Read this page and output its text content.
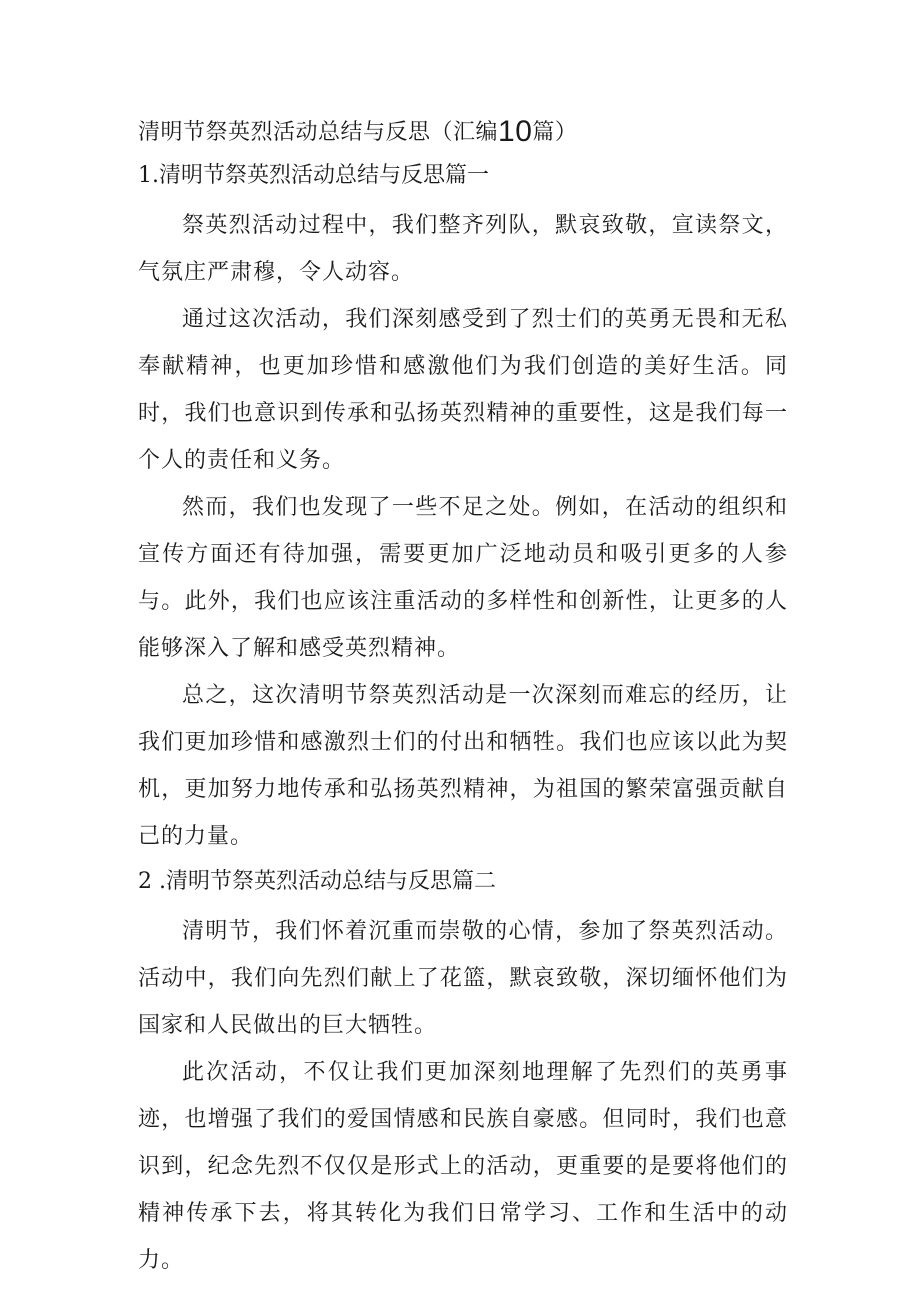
清明节祭英烈活动总结与反思（汇编10篇）
1.清明节祭英烈活动总结与反思篇一

祭英烈活动过程中，我们整齐列队，默哀致敬，宣读祭文，气氛庄严肃穆，令人动容。

通过这次活动，我们深刻感受到了烈士们的英勇无畏和无私奉献精神，也更加珍惜和感激他们为我们创造的美好生活。同时，我们也意识到传承和弘扬英烈精神的重要性，这是我们每一个人的责任和义务。

然而，我们也发现了一些不足之处。例如，在活动的组织和宣传方面还有待加强，需要更加广泛地动员和吸引更多的人参与。此外，我们也应该注重活动的多样性和创新性，让更多的人能够深入了解和感受英烈精神。

总之，这次清明节祭英烈活动是一次深刻而难忘的经历，让我们更加珍惜和感激烈士们的付出和牺牲。我们也应该以此为契机，更加努力地传承和弘扬英烈精神，为祖国的繁荣富强贡献自己的力量。

2 .清明节祭英烈活动总结与反思篇二

清明节，我们怀着沉重而崇敬的心情，参加了祭英烈活动。活动中，我们向先烈们献上了花篮，默哀致敬，深切缅怀他们为国家和人民做出的巨大牺牲。

此次活动，不仅让我们更加深刻地理解了先烈们的英勇事迹，也增强了我们的爱国情感和民族自豪感。但同时，我们也意识到，纪念先烈不仅仅是形式上的活动，更重要的是要将他们的精神传承下去，将其转化为我们日常学习、工作和生活中的动力。
